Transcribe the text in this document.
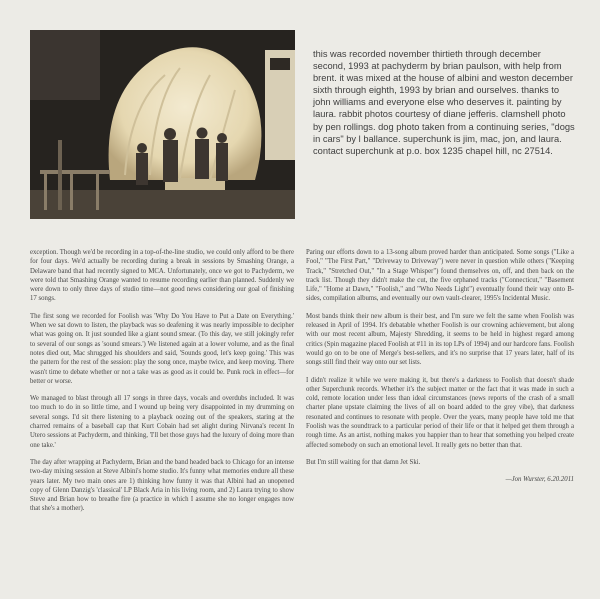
this was recorded november thirtieth through december second, 1993 at pachyderm by brian paulson, with help from brent. it was mixed at the house of albini and weston december sixth through eighth, 1993 by brian and ourselves. thanks to john williams and everyone else who deserves it. painting by laura. rabbit photos courtesy of diane jefferis. clamshell photo by pen rollings. dog photo taken from a continuing series, "dogs in cars" by l ballance. superchunk is jim, mac, jon, and laura. contact superchunk at p.o. box 1235 chapel hill, nc 27514.

exception. Though we'd be recording in a top-of-the-line studio, we could only afford to be there for four days. We'd actually be recording during a break in sessions by Smashing Orange, a Delaware band that had recently signed to MCA. Unfortunately, once we got to Pachyderm, we were told that Smashing Orange wanted to resume recording earlier than planned. Suddenly we were down to only three days of studio time—not good news considering our goal of finishing 17 songs.

The first song we recorded for Foolish was 'Why Do You Have to Put a Date on Everything.' When we sat down to listen, the playback was so deafening it was nearly impossible to decipher what was going on. It just sounded like a giant sound smear. (To this day, we still jokingly refer to several of our songs as 'sound smears.') We listened again at a lower volume, and as the final notes died out, Mac shrugged his shoulders and said, 'Sounds good, let's keep going.' This was the pattern for the rest of the session: play the song once, maybe twice, and keep moving. There wasn't time to debate whether or not a take was as good as it could be. Punk rock in effect—for better or worse.

We managed to blast through all 17 songs in three days, vocals and overdubs included. It was too much to do in so little time, and I wound up being very disappointed in my drumming on several songs. I'd sit there listening to a playback oozing out of the speakers, staring at the charred remains of a baseball cap that Kurt Cobain had set alight during Nirvana's recent In Utero sessions at Pachyderm, and thinking, 'I'll bet those guys had the luxury of doing more than one take.'

The day after wrapping at Pachyderm, Brian and the band headed back to Chicago for an intense two-day mixing session at Steve Albini's home studio. It's funny what memories endure all these years later. My two main ones are 1) thinking how funny it was that Albini had an unopened copy of Glenn Danzig's 'classical' LP Black Aria in his living room, and 2) Laura trying to show Steve and Brian how to breathe fire (a practice in which I assume she no longer engages now that she's a mother).

Paring our efforts down to a 13-song album proved harder than anticipated. Some songs ("Like a Fool," "The First Part," "Driveway to Driveway") were never in question while others ("Keeping Track," "Stretched Out," "In a Stage Whisper") found themselves on, off, and then back on the track list. Though they didn't make the cut, the five orphaned tracks ("Connecticut," "Basement Life," "Home at Dawn," "Foolish," and "Who Needs Light") eventually found their way onto B-sides, compilation albums, and eventually our own vault-clearer, 1995's Incidental Music.

Most bands think their new album is their best, and I'm sure we felt the same when Foolish was released in April of 1994. It's debatable whether Foolish is our crowning achievement, but along with our most recent album, Majesty Shredding, it seems to be held in highest regard among critics (Spin magazine placed Foolish at #11 in its top LPs of 1994) and our hardcore fans. Foolish would go on to be one of Merge's best-sellers, and it's no surprise that 17 years later, half of its songs still find their way onto our set lists.

I didn't realize it while we were making it, but there's a darkness to Foolish that doesn't shade other Superchunk records. Whether it's the subject matter or the fact that it was made in such a cold, remote location under less than ideal circumstances (news reports of the crash of a small charter plane upstate claiming the lives of all on board added to the grey vibe), that darkness resonated and continues to resonate with people. Over the years, many people have told me that Foolish was the soundtrack to a particular period of their life or that it helped get them through a rough time. As an artist, nothing makes you happier than to hear that something you helped create affected somebody on such an emotional level. It really gets no better than that.

But I'm still waiting for that damn Jet Ski.

—Jon Wurster, 6.20.2011
